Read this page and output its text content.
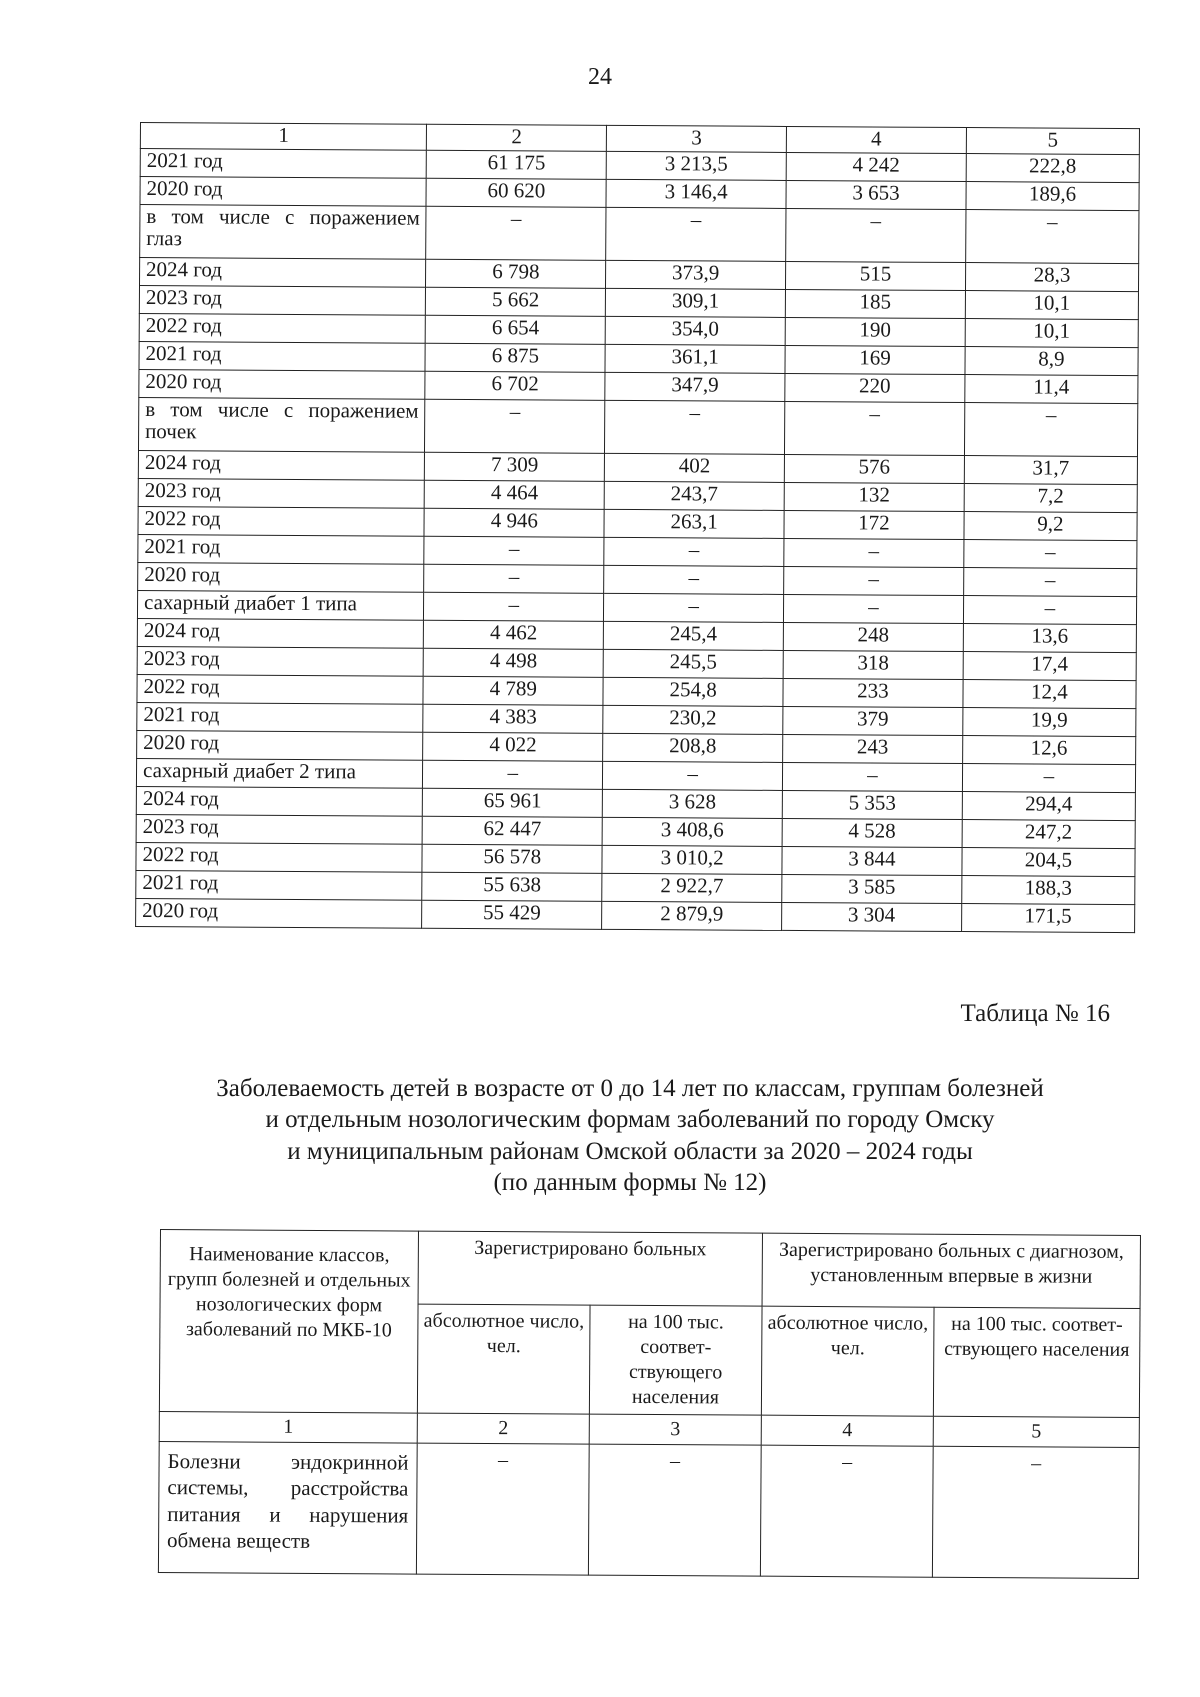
24
1	2	3	4	5
2021 год	61 175	3 213,5	4 242	222,8
2020 год	60 620	3 146,4	3 653	189,6
в том числе с поражением глаз	–	–	–	–
2024 год	6 798	373,9	515	28,3
2023 год	5 662	309,1	185	10,1
2022 год	6 654	354,0	190	10,1
2021 год	6 875	361,1	169	8,9
2020 год	6 702	347,9	220	11,4
в том числе с поражением почек	–	–	–	–
2024 год	7 309	402	576	31,7
2023 год	4 464	243,7	132	7,2
2022 год	4 946	263,1	172	9,2
2021 год	–	–	–	–
2020 год	–	–	–	–
сахарный диабет 1 типа	–	–	–	–
2024 год	4 462	245,4	248	13,6
2023 год	4 498	245,5	318	17,4
2022 год	4 789	254,8	233	12,4
2021 год	4 383	230,2	379	19,9
2020 год	4 022	208,8	243	12,6
сахарный диабет 2 типа	–	–	–	–
2024 год	65 961	3 628	5 353	294,4
2023 год	62 447	3 408,6	4 528	247,2
2022 год	56 578	3 010,2	3 844	204,5
2021 год	55 638	2 922,7	3 585	188,3
2020 год	55 429	2 879,9	3 304	171,5
Таблица № 16
Заболеваемость детей в возрасте от 0 до 14 лет по классам, группам болезней
и отдельным нозологическим формам заболеваний по городу Омску
и муниципальным районам Омской области за 2020 – 2024 годы
(по данным формы № 12)
Наименование классов, групп болезней и отдельных нозологических форм заболеваний по МКБ-10	Зарегистрировано больных		Зарегистрировано больных с диагнозом, установленным впервые в жизни	
	абсолютное число, чел.	на 100 тыс. соответ- ствующего населения	абсолютное число, чел.	на 100 тыс. соответ- ствующего населения
1	2	3	4	5
Болезни эндокринной системы, расстройства питания и нарушения обмена веществ	–	–	–	–
